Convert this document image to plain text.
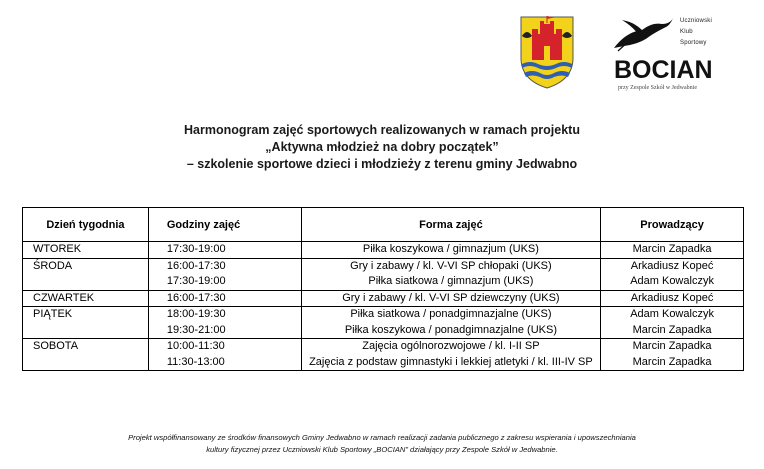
Uczniowski
Klub
Sportowy
BOCIAN
przy Zespole Szkół w Jedwabnie
Harmonogram zajęć sportowych realizowanych w ramach projektu
„Aktywna młodzież na dobry początek”
– szkolenie sportowe dzieci i młodzieży z terenu gminy Jedwabno
Dzień tygodnia	Godziny zajęć	Forma zajęć	Prowadzący
WTOREK	17:30-19:00	Piłka koszykowa / gimnazjum (UKS)	Marcin Zapadka
ŚRODA	16:00-17:30	Gry i zabawy / kl. V-VI SP chłopaki (UKS)	Arkadiusz Kopeć
	17:30-19:00	Piłka siatkowa / gimnazjum (UKS)	Adam Kowalczyk
CZWARTEK	16:00-17:30	Gry i zabawy / kl. V-VI SP dziewczyny (UKS)	Arkadiusz Kopeć
PIĄTEK	18:00-19:30	Piłka siatkowa / ponadgimnazjalne (UKS)	Adam Kowalczyk
	19:30-21:00	Piłka koszykowa / ponadgimnazjalne (UKS)	Marcin Zapadka
SOBOTA	10:00-11:30	Zajęcia ogólnorozwojowe / kl. I-II SP	Marcin Zapadka
	11:30-13:00	Zajęcia z podstaw gimnastyki i lekkiej atletyki / kl. III-IV SP	Marcin Zapadka
Projekt współfinansowany ze środków finansowych Gminy Jedwabno w ramach realizacji zadania publicznego z zakresu wspierania i upowszechniania
kultury fizycznej przez Uczniowski Klub Sportowy „BOCIAN” działający przy Zespole Szkół w Jedwabnie.
